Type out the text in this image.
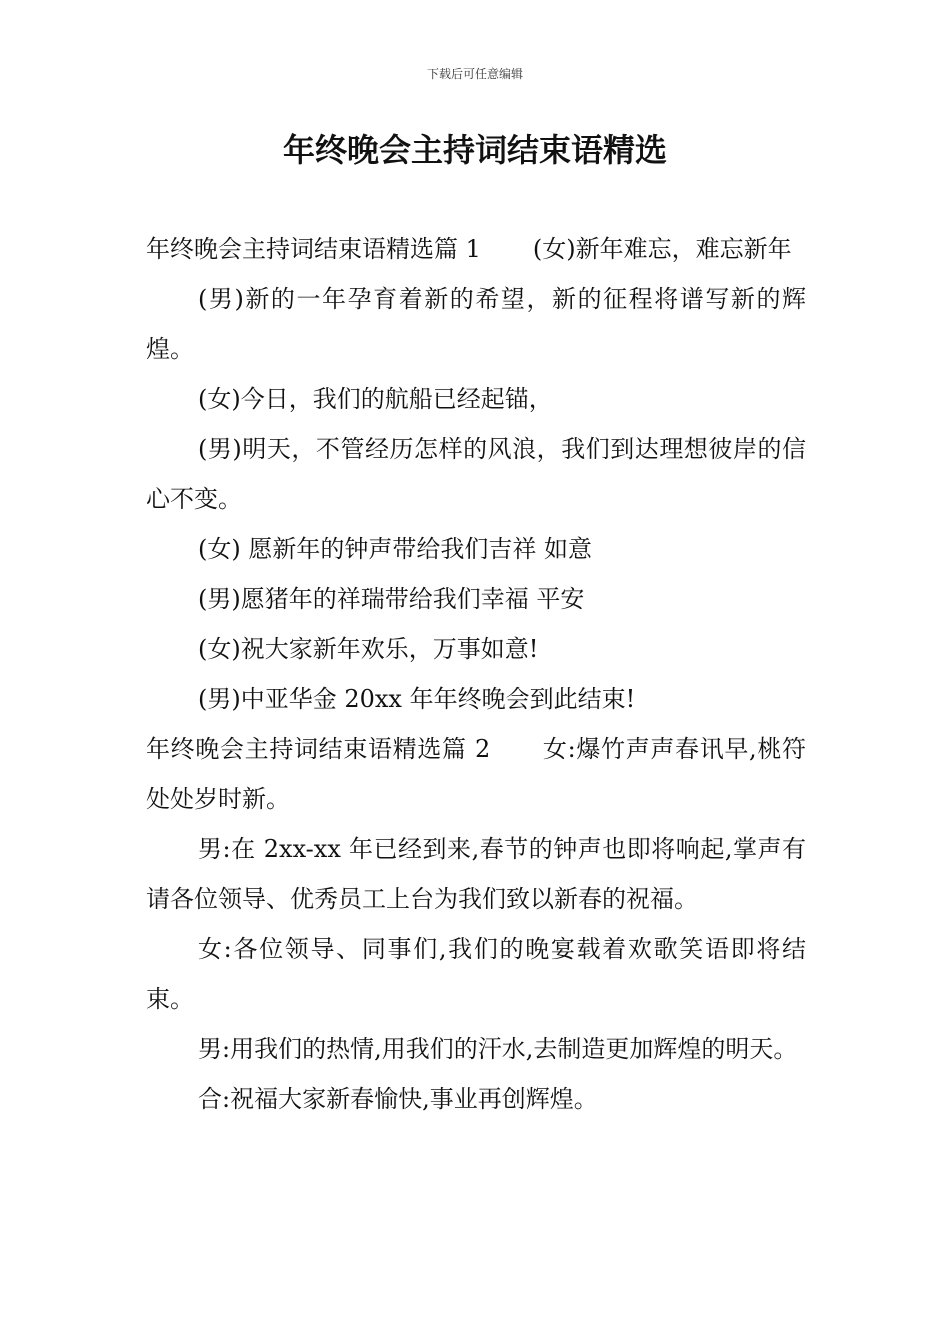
下载后可任意编辑
年终晚会主持词结束语精选

年终晚会主持词结束语精选篇 1 (女)新年难忘，难忘新年

(男)新的一年孕育着新的希望，新的征程将谱写新的辉煌。

(女)今日，我们的航船已经起锚，

(男)明天，不管经历怎样的风浪，我们到达理想彼岸的信心不变。

(女) 愿新年的钟声带给我们吉祥 如意

(男)愿猪年的祥瑞带给我们幸福 平安

(女)祝大家新年欢乐，万事如意!

(男)中亚华金 20xx 年年终晚会到此结束!

年终晚会主持词结束语精选篇 2 女:爆竹声声春讯早,桃符处处岁时新。

男:在 2xx-xx 年已经到来,春节的钟声也即将响起,掌声有请各位领导、优秀员工上台为我们致以新春的祝福。

女:各位领导、同事们,我们的晚宴载着欢歌笑语即将结束。

男:用我们的热情,用我们的汗水,去制造更加辉煌的明天。

合:祝福大家新春愉快,事业再创辉煌。
